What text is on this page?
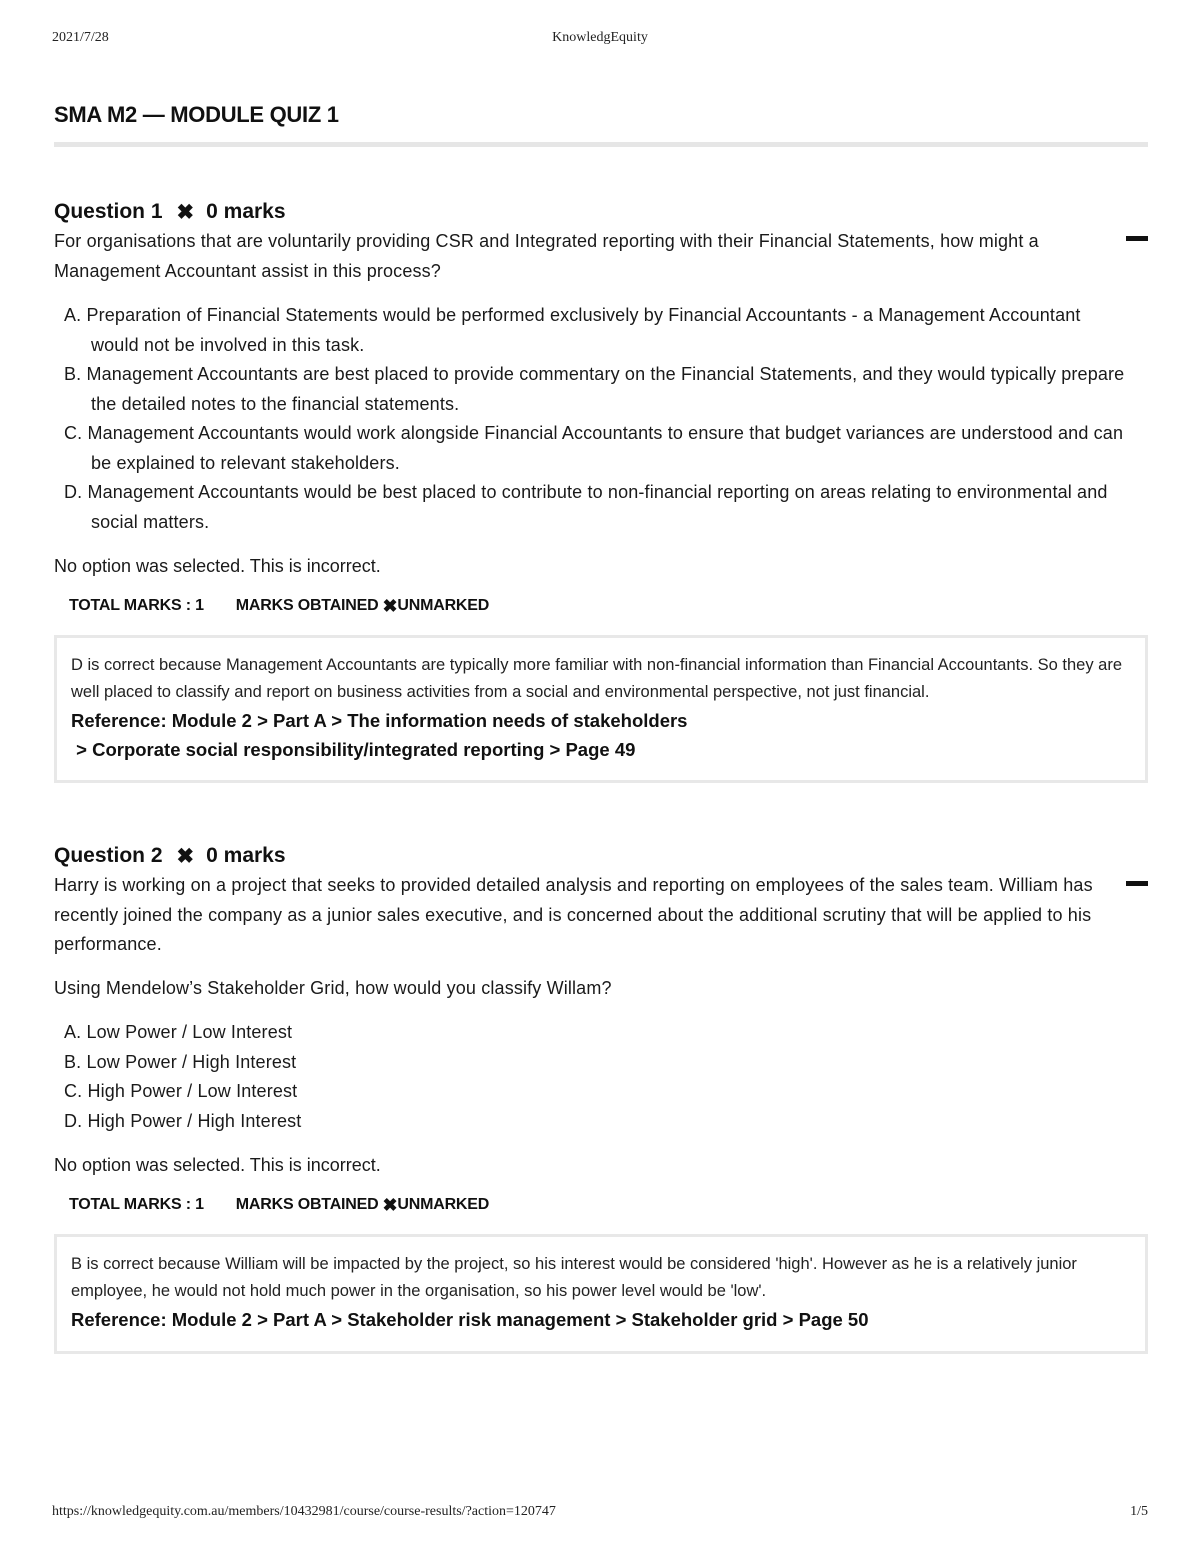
2021/7/28	KnowledgEquity
SMA M2 — MODULE QUIZ 1
Question 1 ✖ 0 marks

For organisations that are voluntarily providing CSR and Integrated reporting with their Financial Statements, how might a Management Accountant assist in this process?

A. Preparation of Financial Statements would be performed exclusively by Financial Accountants - a Management Accountant would not be involved in this task.
B. Management Accountants are best placed to provide commentary on the Financial Statements, and they would typically prepare the detailed notes to the financial statements.
C. Management Accountants would work alongside Financial Accountants to ensure that budget variances are understood and can be explained to relevant stakeholders.
D. Management Accountants would be best placed to contribute to non-financial reporting on areas relating to environmental and social matters.

No option was selected. This is incorrect.

TOTAL MARKS : 1 MARKS OBTAINED ✖ UNMARKED

D is correct because Management Accountants are typically more familiar with non-financial information than Financial Accountants. So they are well placed to classify and report on business activities from a social and environmental perspective, not just financial.

Reference: Module 2 > Part A > The information needs of stakeholders

> Corporate social responsibility/integrated reporting > Page 49

Question 2 ✖ 0 marks

Harry is working on a project that seeks to provided detailed analysis and reporting on employees of the sales team. William has recently joined the company as a junior sales executive, and is concerned about the additional scrutiny that will be applied to his performance.

Using Mendelow’s Stakeholder Grid, how would you classify Willam?

A. Low Power / Low Interest
B. Low Power / High Interest
C. High Power / Low Interest
D. High Power / High Interest

No option was selected. This is incorrect.

TOTAL MARKS : 1 MARKS OBTAINED ✖ UNMARKED

B is correct because William will be impacted by the project, so his interest would be considered 'high'. However as he is a relatively junior employee, he would not hold much power in the organisation, so his power level would be 'low'.

Reference: Module 2 > Part A > Stakeholder risk management > Stakeholder grid > Page 50

https://knowledgequity.com.au/members/10432981/course/course-results/?action=120747	1/5
